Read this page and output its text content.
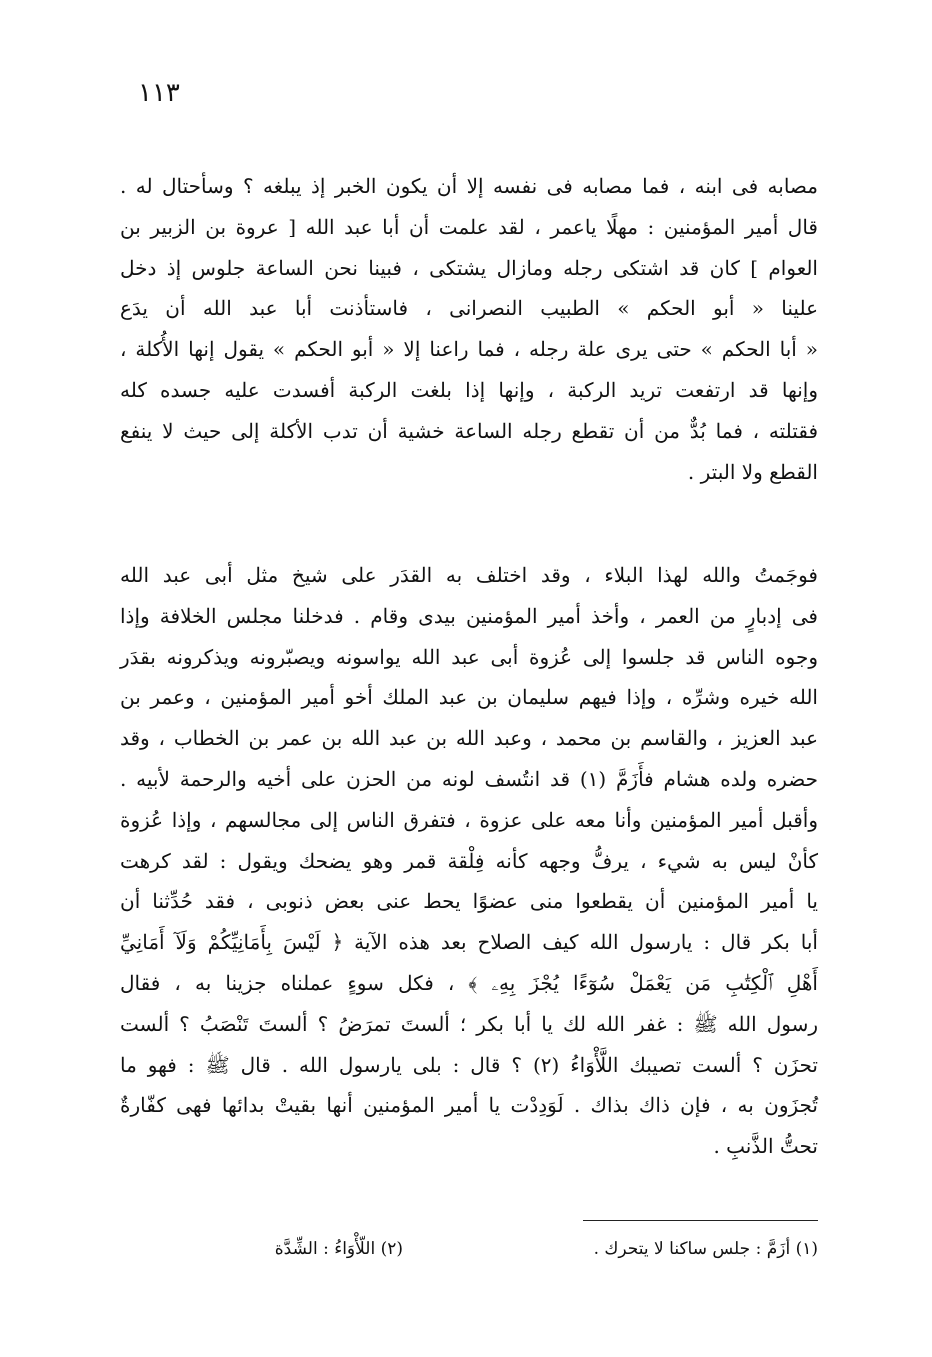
١١٣
مصابه فى ابنه ، فما مصابه فى نفسه إلا أن يكون الخبر إذ يبلغه ؟ وسأحتال له .
قال أمير المؤمنين : مهلًا ياعمر ، لقد علمت أن أبا عبد الله [ عروة بن الزبير بن
العوام ] كان قد اشتكى رجله ومازال يشتكى ، فبينا نحن الساعة جلوس إذ دخل
علينا « أبو الحكم » الطبيب النصرانى ، فاستأذنت أبا عبد الله أن يدَع
« أبا الحكم » حتى يرى علة رجله ، فما راعنا إلا « أبو الحكم » يقول إنها الأُكلة ،
وإنها قد ارتفعت تريد الركبة ، وإنها إذا بلغت الركبة أفسدت عليه جسده كله
فقتلته ، فما بُدٌّ من أن تقطع رجله الساعة خشية أن تدب الأكلة إلى حيث لا ينفع
القطع ولا البتر .
فوجَمتُ والله لهذا البلاء ، وقد اختلف به القدَر على شيخ مثل أبى عبد الله
فى إدبارٍ من العمر ، وأخذ أمير المؤمنين بيدى وقام . فدخلنا مجلس الخلافة وإذا
وجوه الناس قد جلسوا إلى عُزوة أبى عبد الله يواسونه ويصبّرونه ويذكرونه بقدَر
الله خيره وشرِّه ، وإذا فيهم سليمان بن عبد الملك أخو أمير المؤمنين ، وعمر بن
عبد العزيز ، والقاسم بن محمد ، وعبد الله بن عبد الله بن عمر بن الخطاب ، وقد
حضره ولده هشام فأَزَمَّ (١) قد انتُسف لونه من الحزن على أخيه والرحمة لأبيه .
وأقبل أمير المؤمنين وأنا معه على عزوة ، فتفرق الناس إلى مجالسهم ، وإذا عُزوة
كأنْ ليس به شيء ، يرفُّ وجهه كأنه فِلْقة قمر وهو يضحك ويقول : لقد كرهت
يا أمير المؤمنين أن يقطعوا منى عضوًا يحط عنى بعض ذنوبى ، فقد حُدِّثنا أن
أبا بكر قال : يارسول الله كيف الصلاح بعد هذه الآية ﴿ لَيْسَ بِأَمَانِيِّكُمْ وَلَآ أَمَانِيِّ
أَهْلِ ٱلْكِتَٰبِ مَن يَعْمَلْ سُوٓءًا يُجْزَ بِهِۦ ﴾ ، فكل سوءٍ عملناه جزينا به ، فقال
رسول الله ﷺ : غفر الله لك يا أبا بكر ؛ ألستَ تمرَضُ ؟ ألستَ تَنْصَبُ ؟ ألست
تحزَن ؟ ألست تصيبك اللَّأْوَاءُ (٢) ؟ قال : بلى يارسول الله . قال ﷺ : فهو ما
تُجزَون به ، فإن ذاك بذاك . لَوَدِدْت يا أمير المؤمنين أنها بقيتْ بدائها فهى كفّارةٌ
تحتُّ الذَّنبِ .
(١) أزَمَّ : جلس ساكنا لا يتحرك .
(٢) اللّأْوَاءُ : الشِّدَّة
